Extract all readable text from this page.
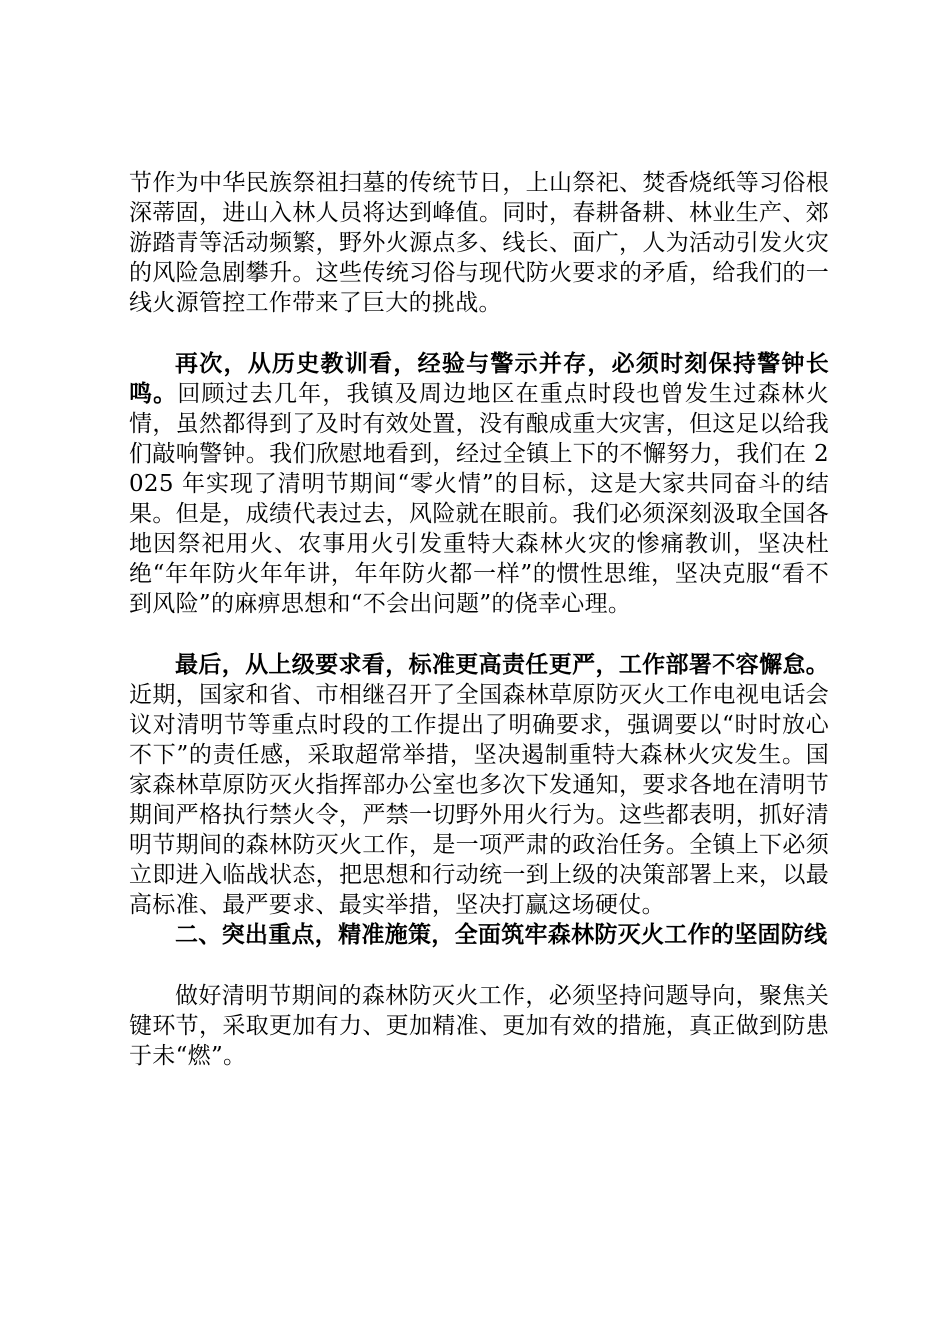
节作为中华民族祭祖扫墓的传统节日，上山祭祀、焚香烧纸等习俗根深蒂固，进山入林人员将达到峰值。同时，春耕备耕、林业生产、郊游踏青等活动频繁，野外火源点多、线长、面广，人为活动引发火灾的风险急剧攀升。这些传统习俗与现代防火要求的矛盾，给我们的一线火源管控工作带来了巨大的挑战。

再次，从历史教训看，经验与警示并存，必须时刻保持警钟长鸣。回顾过去几年，我镇及周边地区在重点时段也曾发生过森林火情，虽然都得到了及时有效处置，没有酿成重大灾害，但这足以给我们敲响警钟。我们欣慰地看到，经过全镇上下的不懈努力，我们在 2025 年实现了清明节期间“零火情”的目标，这是大家共同奋斗的结果。但是，成绩代表过去，风险就在眼前。我们必须深刻汲取全国各地因祭祀用火、农事用火引发重特大森林火灾的惨痛教训，坚决杜绝“年年防火年年讲，年年防火都一样”的惯性思维，坚决克服“看不到风险”的麻痹思想和“不会出问题”的侥幸心理。

最后，从上级要求看，标准更高责任更严，工作部署不容懈怠。近期，国家和省、市相继召开了全国森林草原防灭火工作电视电话会议对清明节等重点时段的工作提出了明确要求，强调要以“时时放心不下”的责任感，采取超常举措，坚决遏制重特大森林火灾发生。国家森林草原防灭火指挥部办公室也多次下发通知，要求各地在清明节期间严格执行禁火令，严禁一切野外用火行为。这些都表明，抓好清明节期间的森林防灭火工作，是一项严肃的政治任务。全镇上下必须立即进入临战状态，把思想和行动统一到上级的决策部署上来，以最高标准、最严要求、最实举措，坚决打赢这场硬仗。

二、突出重点，精准施策，全面筑牢森林防灭火工作的坚固防线

做好清明节期间的森林防灭火工作，必须坚持问题导向，聚焦关键环节，采取更加有力、更加精准、更加有效的措施，真正做到防患于未“燃”。
